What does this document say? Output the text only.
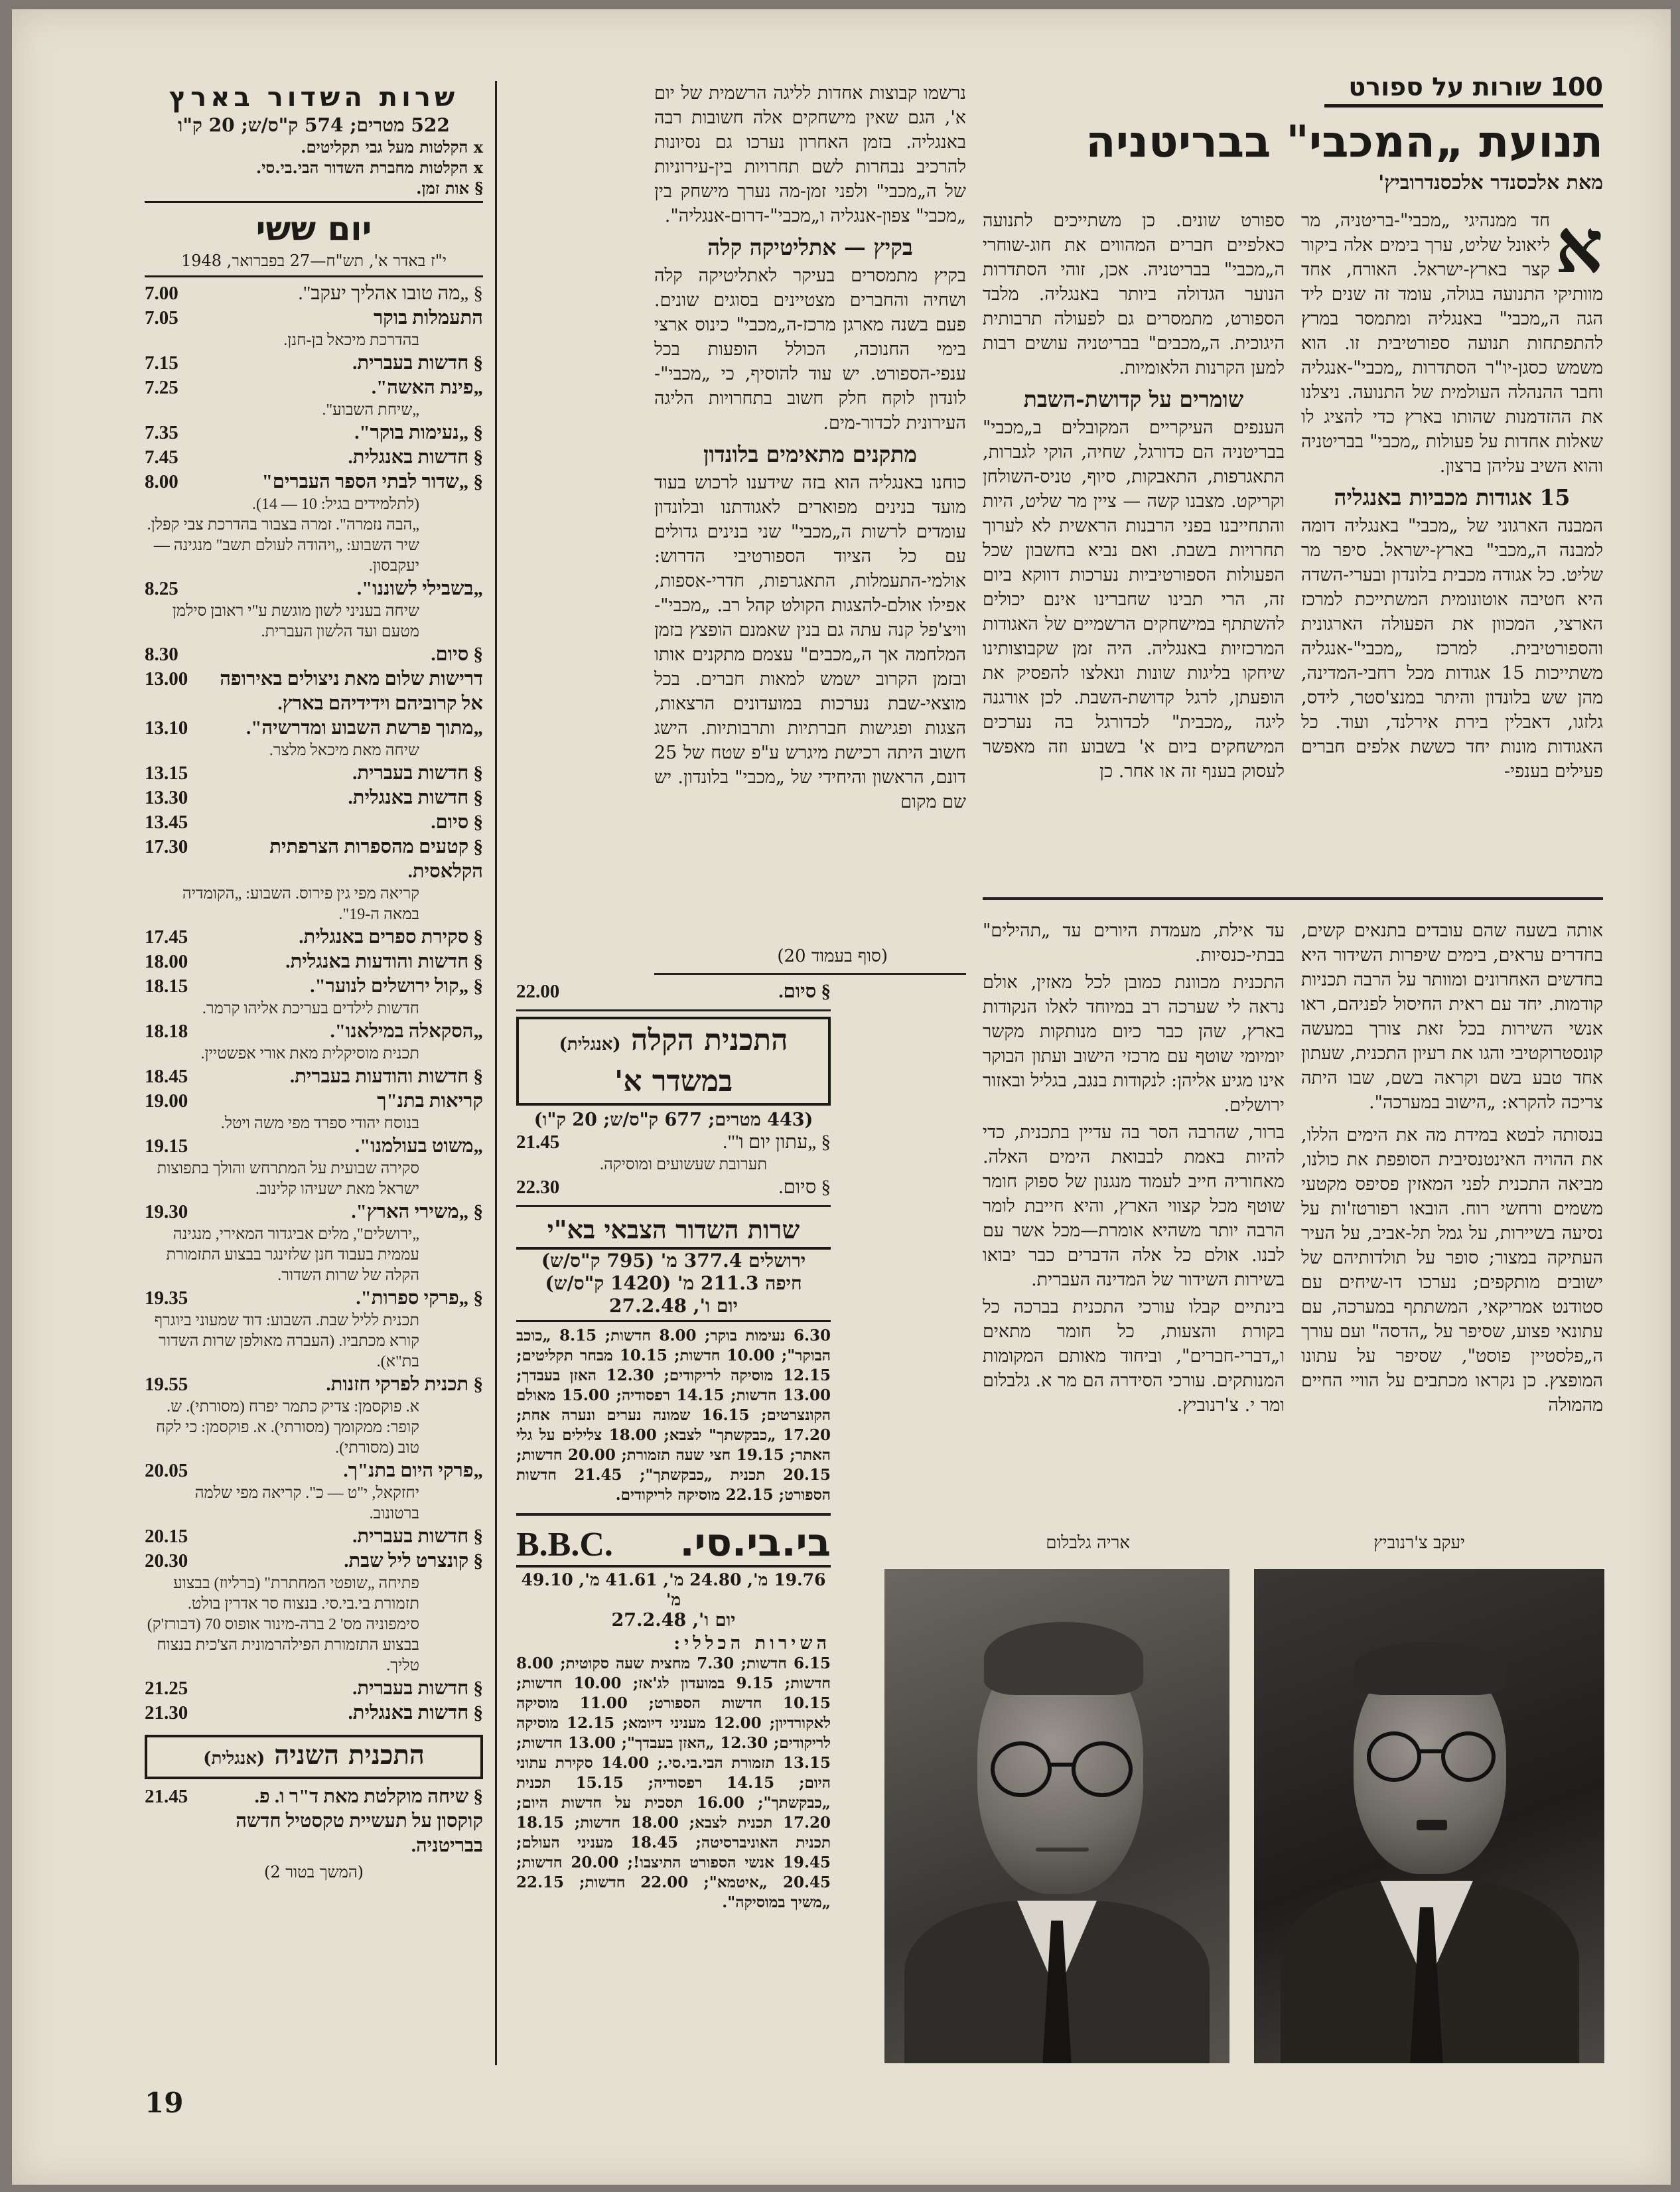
100 שורות על ספורט
תנועת „המכבי" בבריטניה
מאת אלכסנדר אלכסנדרוביץ'
א

חד ממנהיגי „מכבי"-בריטניה, מר ליאונל שליט, ערך בימים אלה ביקור קצר בארץ-ישראל. האורח, אחד מוותיקי התנועה בגולה, עומד זה שנים ליד הגה ה„מכבי" באנגליה ומתמסר במרץ להתפתחות תנועה ספורטיבית זו. הוא משמש כסגן-יו"ר הסתדרות „מכבי"-אנגליה וחבר ההנהלה העולמית של התנועה. ניצלנו את ההזדמנות שהותו בארץ כדי להציג לו שאלות אחדות על פעולות „מכבי" בבריטניה והוא השיב עליהן ברצון.

15 אגודות מכביות באנגליה

המבנה הארגוני של „מכבי" באנגליה דומה למבנה ה„מכבי" בארץ-ישראל. סיפר מר שליט. כל אגודה מכבית בלונדון ובערי-השדה היא חטיבה אוטונומית המשתייכת למרכז הארצי, המכוון את הפעולה הארגונית והספורטיבית. למרכז „מכבי"-אנגליה משתייכות 15 אגודות מכל רחבי-המדינה, מהן שש בלונדון והיתר במנצ'סטר, לידס, גלזגו, דאבלין בירת אירלנד, ועוד. כל האגודות מונות יחד כששת אלפים חברים פעילים בענפי-

ספורט שונים. כן משתייכים לתנועה כאלפיים חברים המהווים את חוג-שוחרי ה„מכבי" בבריטניה. אכן, זוהי הסתדרות הנוער הגדולה ביותר באנגליה. מלבד הספורט, מתמסרים גם לפעולה תרבותית היגוכית. ה„מכבים" בבריטניה עושים רבות למען הקרנות הלאומיות.

שומרים על קדושת-השבת

הענפים העיקריים המקובלים ב„מכבי" בבריטניה הם כדורגל, שחיה, הוקי לגברות, התאגרפות, התאבקות, סיוף, טניס-השולחן וקריקט. מצבנו קשה — ציין מר שליט, היות והתחייבנו בפני הרבנות הראשית לא לערוך תחרויות בשבת. ואם נביא בחשבון שכל הפעולות הספורטיביות נערכות דווקא ביום זה, הרי תבינו שחברינו אינם יכולים להשתתף במישחקים הרשמיים של האגודות המרכזיות באנגליה. היה זמן שקבוצותינו שיחקו בליגות שונות ונאלצו להפסיק את הופעתן, לרגל קדושת-השבת. לכן אורגנה ליגה „מכבית" לכדורגל בה נערכים המישחקים ביום א' בשבוע וזה מאפשר לעסוק בענף זה או אחר. כן

נרשמו קבוצות אחדות לליגה הרשמית של יום א', הגם שאין מישחקים אלה חשובות רבה באנגליה. בזמן האחרון נערכו גם נסיונות להרכיב נבחרות לשם תחרויות בין-עירוניות של ה„מכבי" ולפני זמן-מה נערך מישחק בין „מכבי" צפון-אנגליה ו„מכבי"-דרום-אנגליה".

בקיץ — אתליטיקה קלה

בקיץ מתמסרים בעיקר לאתליטיקה קלה ושחיה והחברים מצטיינים בסוגים שונים. פעם בשנה מארגן מרכז-ה„מכבי" כינוס ארצי בימי החנוכה, הכולל הופעות בכל ענפי-הספורט. יש עוד להוסיף, כי „מכבי"-לונדון לוקח חלק חשוב בתחרויות הליגה העירונית לכדור-מים.

מתקנים מתאימים בלונדון

כוחנו באנגליה הוא בזה שידענו לרכוש בעוד מועד בנינים מפוארים לאגודתנו ובלונדון עומדים לרשות ה„מכבי" שני בנינים גדולים עם כל הציוד הספורטיבי הדרוש: אולמי-התעמלות, התאגרפות, חדרי-אספות, אפילו אולם-להצגות הקולט קהל רב. „מכבי"-וויצ'פל קנה עתה גם בנין שאמנם הופצץ בזמן המלחמה אך ה„מכבים" עצמם מתקנים אותו ובזמן הקרוב ישמש למאות חברים. בכל מוצאי-שבת נערכות במועדונים הרצאות, הצגות ופגישות חברתיות ותרבותיות. הישג חשוב היתה רכישת מיגרש ע"פ שטח של 25 דונם, הראשון והיחידי של „מכבי" בלונדון. יש שם מקום

(סוף בעמוד 20)

אותה בשעה שהם עובדים בתנאים קשים, בחדרים עראים, בימים שיפרות השידור היא בחדשים האחרונים ומוותר על הרבה תכניות קודמות. יחד עם ראית החיסול לפניהם, ראו אנשי השירות בכל זאת צורך במעשה קונסטרוקטיבי והגו את רעיון התכנית, שעתון אחד טבע בשם וקראה בשם, שבו היתה צריכה להקרא: „הישוב במערכה".

בנסותה לבטא במידת מה את הימים הללו, את ההויה האינטנסיבית הסופפת את כולנו, מביאה התכנית לפני המאזין פסיפס מקטעי משמים ורחשי רוח. הובאו רפורטז'ות על נסיעה בשיירות, על גמל תל-אביב, על העיר העתיקה במצור; סופר על תולדותיהם של ישובים מותקפים; נערכו דו-שיחים עם סטודנט אמריקאי, המשתתף במערכה, עם עתונאי פצוע, שסיפר על „הדסה" ועם עורך ה„פלסטיין פוסט", שסיפר על עתונו המופצץ. כן נקראו מכתבים על הוויי החיים מהמולה

עד אילת, מעמדת היורים עד „תהילים" בבתי-כנסיות.

התכנית מכוונת כמובן לכל מאזין, אולם נראה לי שערכה רב במיוחד לאלו הנקודות בארץ, שהן כבר כיום מנותקות מקשר יומיומי שוטף עם מרכזי הישוב ועתון הבוקר אינו מגיע אליהן: לנקודות בנגב, בגליל ובאזור ירושלים.

ברור, שהרבה הסר בה עדיין בתכנית, כדי להיות באמת לבבואת הימים האלה. מאחוריה חייב לעמוד מנגנון של ספוק חומר שוטף מכל קצווי הארץ, והיא חייבת לומר הרבה יותר משהיא אומרת—מכל אשר עם לבנו. אולם כל אלה הדברים כבר יבואו בשירות השידור של המדינה העברית.

בינתיים קבלו עורכי התכנית בברכה כל בקורת והצעות, כל חומר מתאים ו„דברי-חברים", וביחוד מאותם המקומות המנותקים. עורכי הסידרה הם מר א. גלבלום ומר י. צ'רנוביץ.

יעקב צ'רנוביץ
אריה גלבלום
שרות השדור בארץ
522 מטרים; 574 ק"ס/ש; 20 ק"ו
x הקלטות מעל גבי תקליטים.
x הקלטות מחברת השדור הבי.בי.סי.
§ אות זמן.
יום ששי
י"ז באדר א', תש"ח—27 בפברואר, 1948
§ „מה טובו אהליך יעקב".
7.00
התעמלות בוקר
7.05
בהדרכת מיכאל בן-חנן.
§ חדשות בעברית.
7.15
„פינת האשה".
7.25
„שיחת השבוע".
§ „נעימות בוקר".
7.35
§ חדשות באנגלית.
7.45
§ „שדור לבתי הספר העברים"
8.00
(לתלמידים בגיל: 10 — 14).
„הבה נזמרה". זמרה בצבור בהדרכת צבי קפלן. שיר השבוע: „ויהודה לעולם תשב" מנגינה — יעקבסון.
„בשבילי לשוננו".
8.25
שיחה בעניני לשון מוגשת ע"י ראובן סילמן מטעם ועד הלשון העברית.
§ סיום.
8.30
דרישות שלום מאת ניצולים באירופה אל קרוביהם וידידיהם בארץ.
13.00
„מתוך פרשת השבוע ומדרשיה".
13.10
שיחה מאת מיכאל מלצר.
§ חדשות בעברית.
13.15
§ חדשות באנגלית.
13.30
§ סיום.
13.45
§ קטעים מהספרות הצרפתית הקלאסית.
17.30
קריאה מפי גין פירוס. השבוע: „הקומדיה במאה ה-19".
§ סקירת ספרים באנגלית.
17.45
§ חדשות והודעות באנגלית.
18.00
§ „קול ירושלים לנוער".
18.15
חדשות לילדים בעריכת אליהו קרמר.
„הסקאלה במילאנו".
18.18
תכנית מוסיקלית מאת אורי אפשטיין.
§ חדשות והודעות בעברית.
18.45
קריאות בתנ"ך
19.00
בנוסח יהודי ספרד מפי משה ויטל.
„משוט בעולמנו".
19.15
סקירה שבועית על המתרחש והולך בתפוצות ישראל מאת ישעיהו קלינוב.
§ „משירי הארץ".
19.30
„ירושלים", מלים אביגדור המאירי, מנגינה עממית בעבוד חנן שלזינגר בבצוע התזמורת הקלה של שרות השדור.
§ „פרקי ספרות".
19.35
תכנית לליל שבת. השבוע: דוד שמעוני ביוגרף קורא מכתביו. (העברה מאולפן שרות השדור בת"א).
§ תכנית לפרקי חזנות.
19.55
א. פוקסמן: צדיק כתמר יפרח (מסורתי). ש. קופר: ממקומך (מסורתי). א. פוקסמן: כי לקח טוב (מסורתי).
„פרקי היום בתנ"ך.
20.05
יחזקאל, י"ט — כ". קריאה מפי שלמה ברטונוב.
§ חדשות בעברית.
20.15
§ קונצרט ליל שבת.
20.30
פתיחה „שופטי המחתרת" (ברליוז) בבצוע תזמורת בי.בי.סי. בנצוח סר אדרין בולט. סימפוניה מס' 2 ברה-מינור אופוס 70 (דבורז'ק) בבצוע התזמורת הפילהרמונית הצ'כית בנצוח טליך.
§ חדשות בעברית.
21.25
§ חדשות באנגלית.
21.30
התכנית השניה (אנגלית)
§ שיחה מוקלטת מאת ד"ר ו. פ. קוקסון על תעשיית טקסטיל חדשה בבריטניה.
21.45
(המשך בטור 2)
§ סיום.
22.00
התכנית הקלה (אנגלית)
במשדר א'
(443 מטרים; 677 ק"ס/ש; 20 ק"ו)
§ „עתון יום ו'".
21.45
תערובת שעשועים ומוסיקה.
§ סיום.
22.30
שרות השדור הצבאי בא"י
ירושלים 377.4 מ' (795 ק"ס/ש)
חיפה 211.3 מ' (1420 ק"ס/ש)
יום ו', 27.2.48
6.30 נעימות בוקר; 8.00 חדשות; 8.15 „כוכב הבוקר"; 10.00 חדשות; 10.15 מבחר תקליטים; 12.15 מוסיקה לריקודים; 12.30 האזן בעבדך; 13.00 חדשות; 14.15 רפסודיה; 15.00 מאולם הקונצרטים; 16.15 שמונה נערים ונערה אחת; 17.20 „כבקשתך" לצבא; 18.00 צלילים על גלי האתר; 19.15 חצי שעה תזמורת; 20.00 חדשות; 20.15 תכנית „כבקשתך"; 21.45 חדשות הספורט; 22.15 מוסיקה לריקודים.
בי.בי.סי.
B.B.C.
19.76 מ', 24.80 מ', 41.61 מ', 49.10 מ'
יום ו', 27.2.48
השירות הכללי:
6.15 חדשות; 7.30 מחצית שעה סקוטית; 8.00 חדשות; 9.15 במועדון לג'אז; 10.00 חדשות; 10.15 חדשות הספורט; 11.00 מוסיקה לאקורדיון; 12.00 מעניני דיומא; 12.15 מוסיקה לריקודים; 12.30 „האזן בעבדך"; 13.00 חדשות; 13.15 תזמורת הבי.בי.סי.; 14.00 סקירת עתוני היום; 14.15 רפסודיה; 15.15 תכנית „כבקשתך"; 16.00 תסכית על חדשות היום; 17.20 תכנית לצבא; 18.00 חדשות; 18.15 תכנית האוניברסיטה; 18.45 מעניני העולם; 19.45 אנשי הספורט התיצבו!; 20.00 חדשות; 20.45 „איטמא"; 22.00 חדשות; 22.15 „משיך במוסיקה".
19
